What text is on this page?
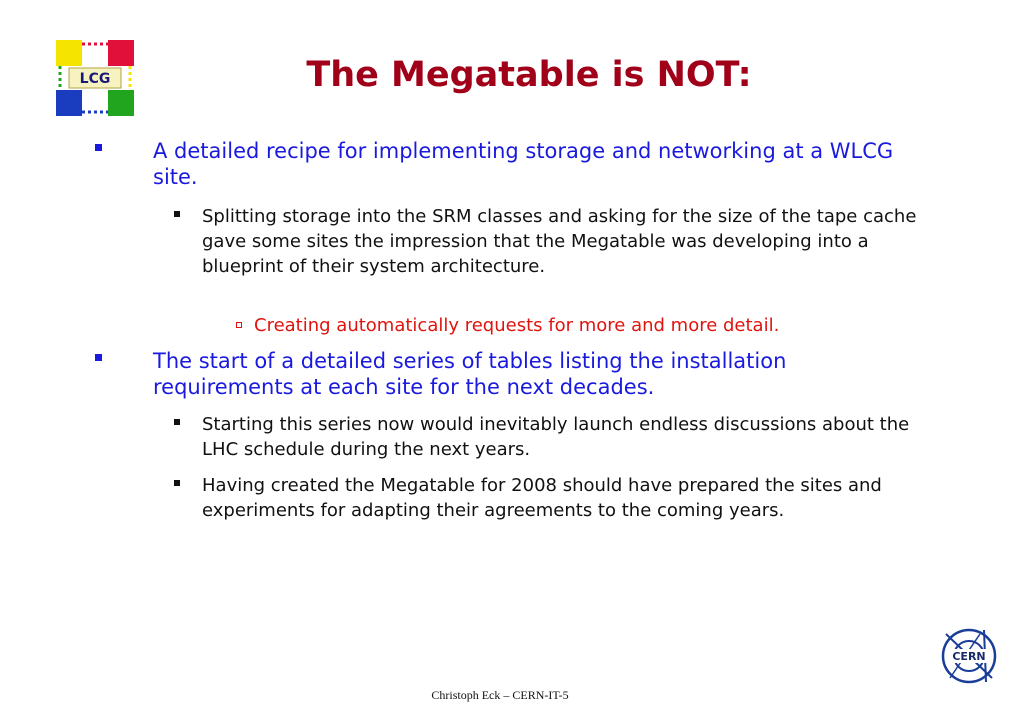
LCG	The Megatable is NOT:

A detailed recipe for implementing storage and networking at a WLCG site.

Splitting storage into the SRM classes and asking for the size of the tape cache gave some sites the impression that the Megatable was developing into a blueprint of their system architecture.

Creating automatically requests for more and more detail.

The start of a detailed series of tables listing the installation requirements at each site for the next decades.

Starting this series now would inevitably launch endless discussions about the LHC schedule during the next years.

Having created the Megatable for 2008 should have prepared the sites and experiments for adapting their agreements to the coming years.

CERN
Christoph Eck – CERN-IT-5
